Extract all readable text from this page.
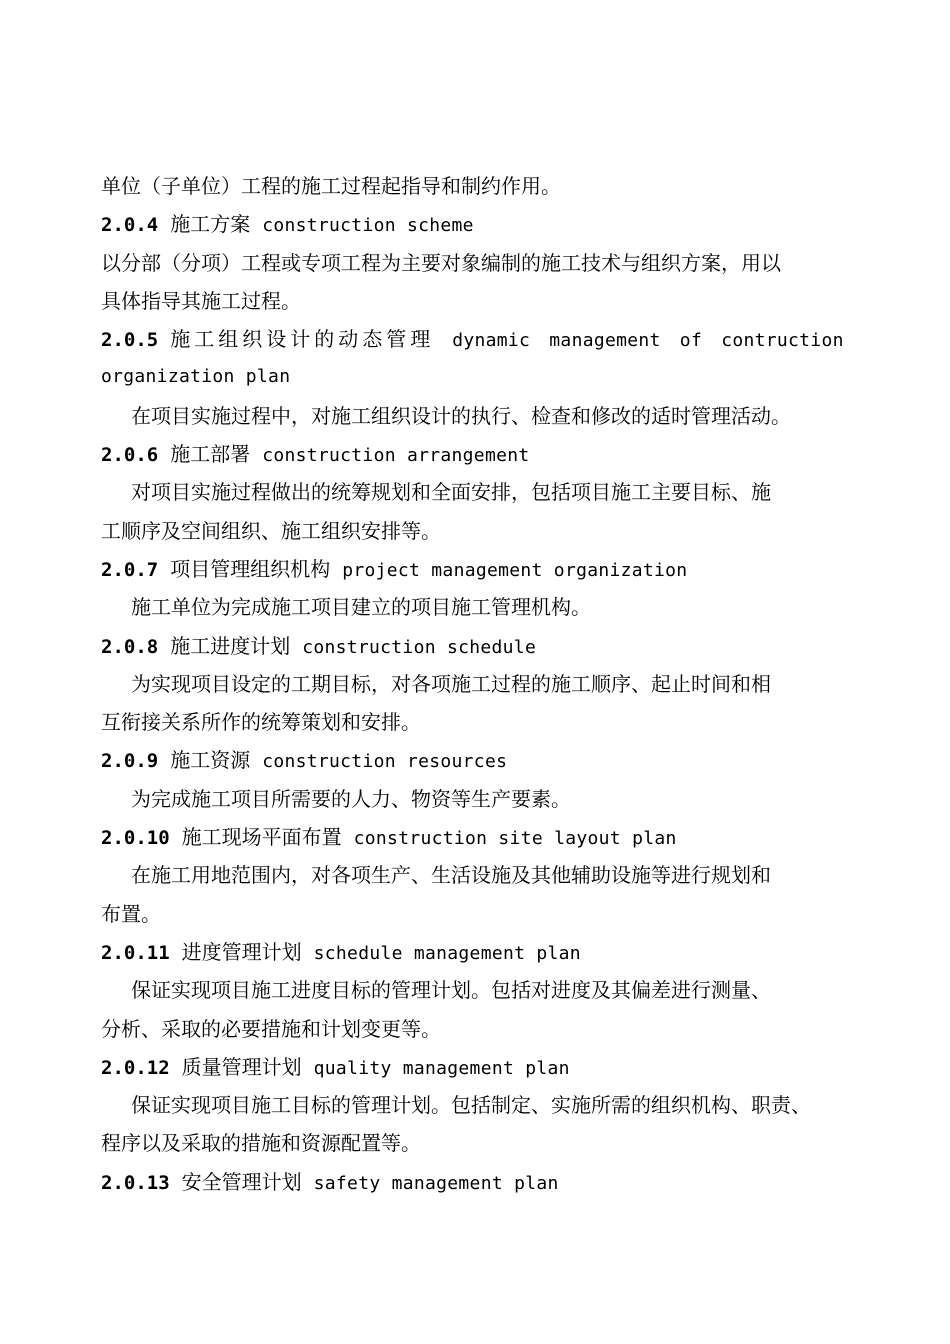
单位（子单位）工程的施工过程起指导和制约作用。
2.0.4 施工方案 construction scheme
以分部（分项）工程或专项工程为主要对象编制的施工技术与组织方案，用以
具体指导其施工过程。
2.0.5 施工组织设计的动态管理 dynamic management of contruction
organization plan
在项目实施过程中，对施工组织设计的执行、检查和修改的适时管理活动。
2.0.6 施工部署 construction arrangement
对项目实施过程做出的统筹规划和全面安排，包括项目施工主要目标、施
工顺序及空间组织、施工组织安排等。
2.0.7 项目管理组织机构 project management organization
施工单位为完成施工项目建立的项目施工管理机构。
2.0.8 施工进度计划 construction schedule
为实现项目设定的工期目标，对各项施工过程的施工顺序、起止时间和相
互衔接关系所作的统筹策划和安排。
2.0.9 施工资源 construction resources
为完成施工项目所需要的人力、物资等生产要素。
2.0.10 施工现场平面布置 construction site layout plan
在施工用地范围内，对各项生产、生活设施及其他辅助设施等进行规划和
布置。
2.0.11 进度管理计划 schedule management plan
保证实现项目施工进度目标的管理计划。包括对进度及其偏差进行测量、
分析、采取的必要措施和计划变更等。
2.0.12 质量管理计划 quality management plan
保证实现项目施工目标的管理计划。包括制定、实施所需的组织机构、职责、
程序以及采取的措施和资源配置等。
2.0.13 安全管理计划 safety management plan
